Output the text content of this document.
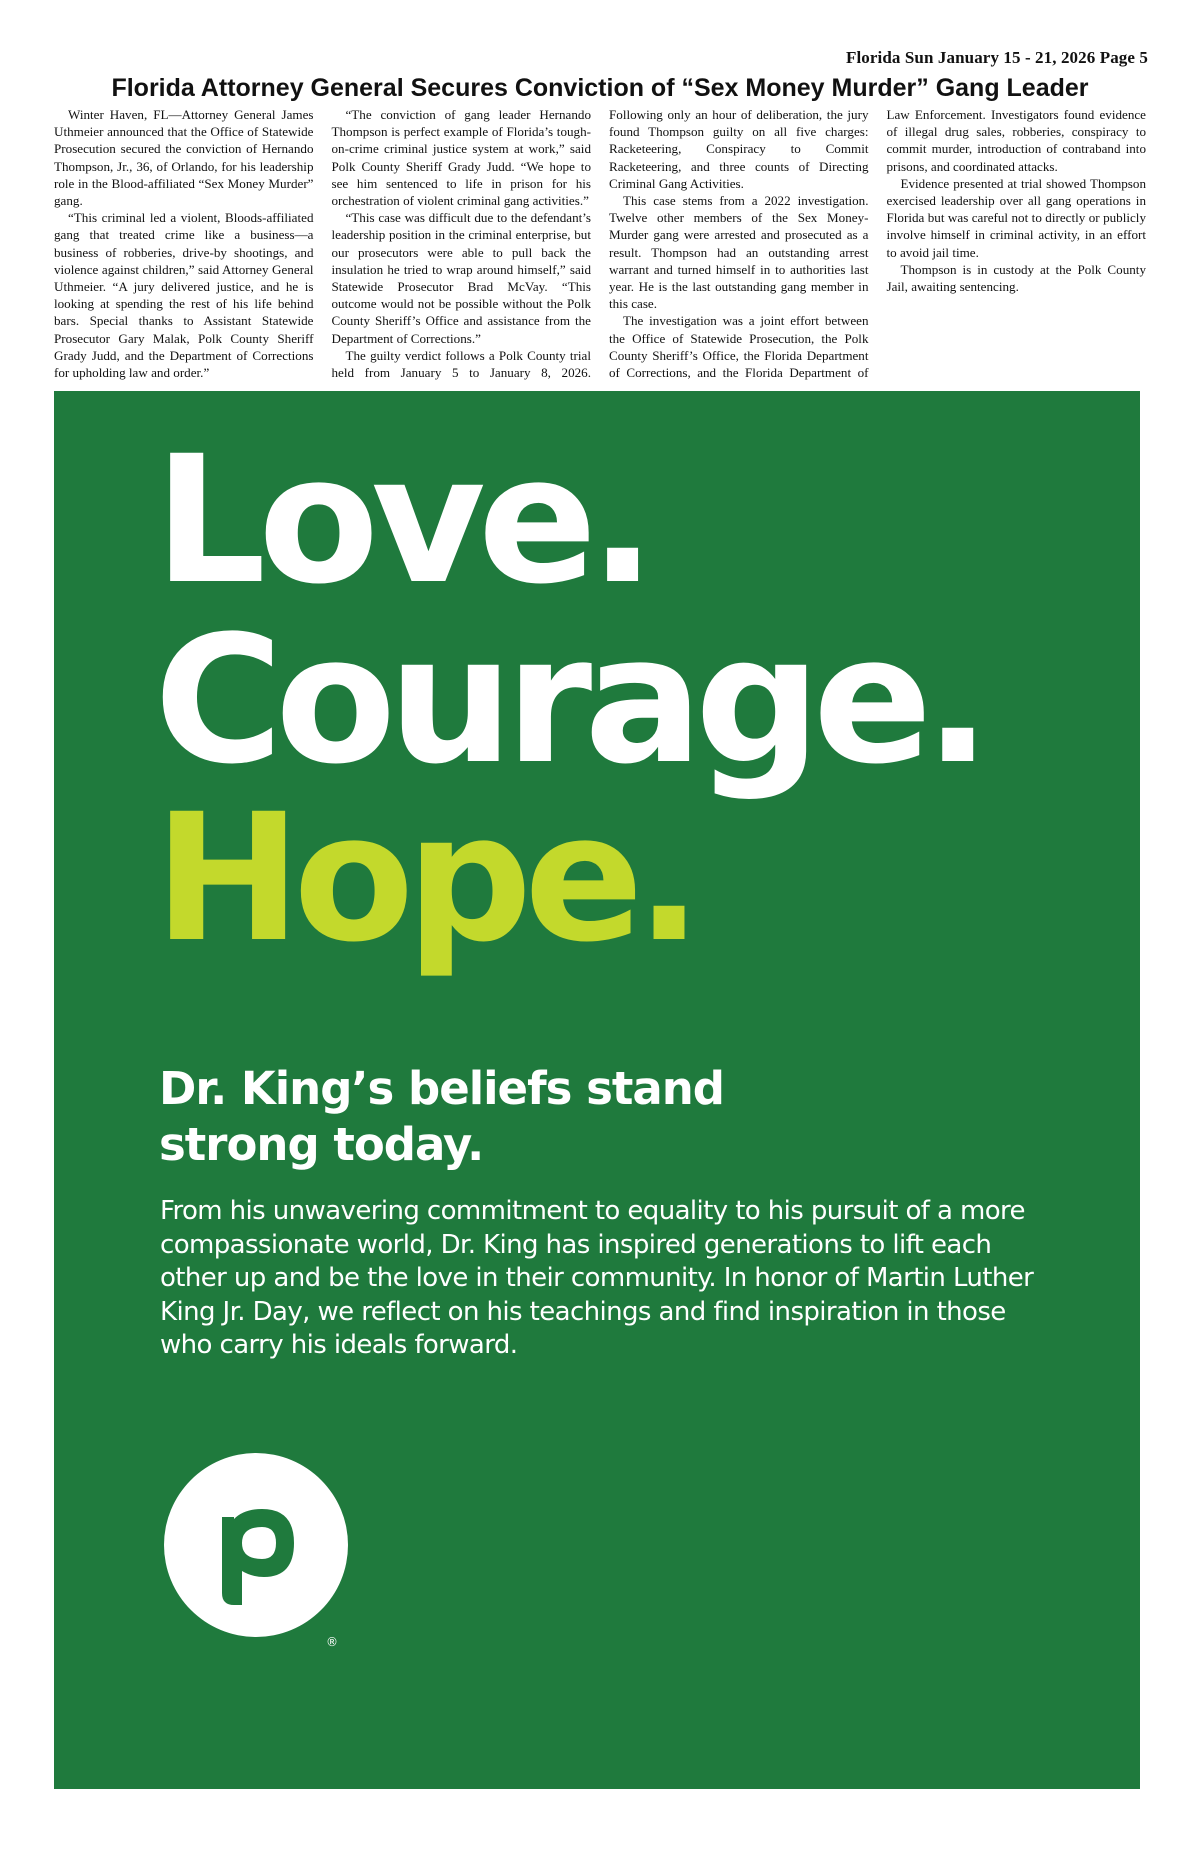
Florida Sun January 15 - 21, 2026 Page 5
Florida Attorney General Secures Conviction of “Sex Money Murder” Gang Leader

Winter Haven, FL—Attorney General James Uthmeier announced that the Office of Statewide Prosecution secured the conviction of Hernando Thompson, Jr., 36, of Orlando, for his leadership role in the Blood-affiliated “Sex Money Murder” gang.

“This criminal led a violent, Bloods-affiliated gang that treated crime like a business—a business of robberies, drive-by shootings, and violence against children,” said Attorney General Uthmeier. “A jury delivered justice, and he is looking at spending the rest of his life behind bars. Special thanks to Assistant Statewide Prosecutor Gary Malak, Polk County Sheriff Grady Judd, and the Department of Corrections for upholding law and order.”

“The conviction of gang leader Hernando Thompson is perfect example of Florida’s tough-on-crime criminal justice system at work,” said Polk County Sheriff Grady Judd. “We hope to see him sentenced to life in prison for his orchestration of violent criminal gang activities.”

“This case was difficult due to the defendant’s leadership position in the criminal enterprise, but our prosecutors were able to pull back the insulation he tried to wrap around himself,” said Statewide Prosecutor Brad McVay. “This outcome would not be possible without the Polk County Sheriff’s Office and assistance from the Department of Corrections.”

The guilty verdict follows a Polk County trial held from January 5 to January 8, 2026. Following only an hour of deliberation, the jury found Thompson guilty on all five charges: Racketeering, Conspiracy to Commit Racketeering, and three counts of Directing Criminal Gang Activities.

This case stems from a 2022 investigation. Twelve other members of the Sex Money-Murder gang were arrested and prosecuted as a result. Thompson had an outstanding arrest warrant and turned himself in to authorities last year. He is the last outstanding gang member in this case.

The investigation was a joint effort between the Office of Statewide Prosecution, the Polk County Sheriff’s Office, the Florida Department of Corrections, and the Florida Department of Law Enforcement. Investigators found evidence of illegal drug sales, robberies, conspiracy to commit murder, introduction of contraband into prisons, and coordinated attacks.

Evidence presented at trial showed Thompson exercised leadership over all gang operations in Florida but was careful not to directly or publicly involve himself in criminal activity, in an effort to avoid jail time.

Thompson is in custody at the Polk County Jail, awaiting sentencing.

Love.
Courage.
Hope.
Dr. King’s beliefs stand
strong today.

From his unwavering commitment to equality to his pursuit of a more compassionate world, Dr. King has inspired generations to lift each other up and be the love in their community. In honor of Martin Luther King Jr. Day, we reflect on his teachings and find inspiration in those who carry his ideals forward.

®
